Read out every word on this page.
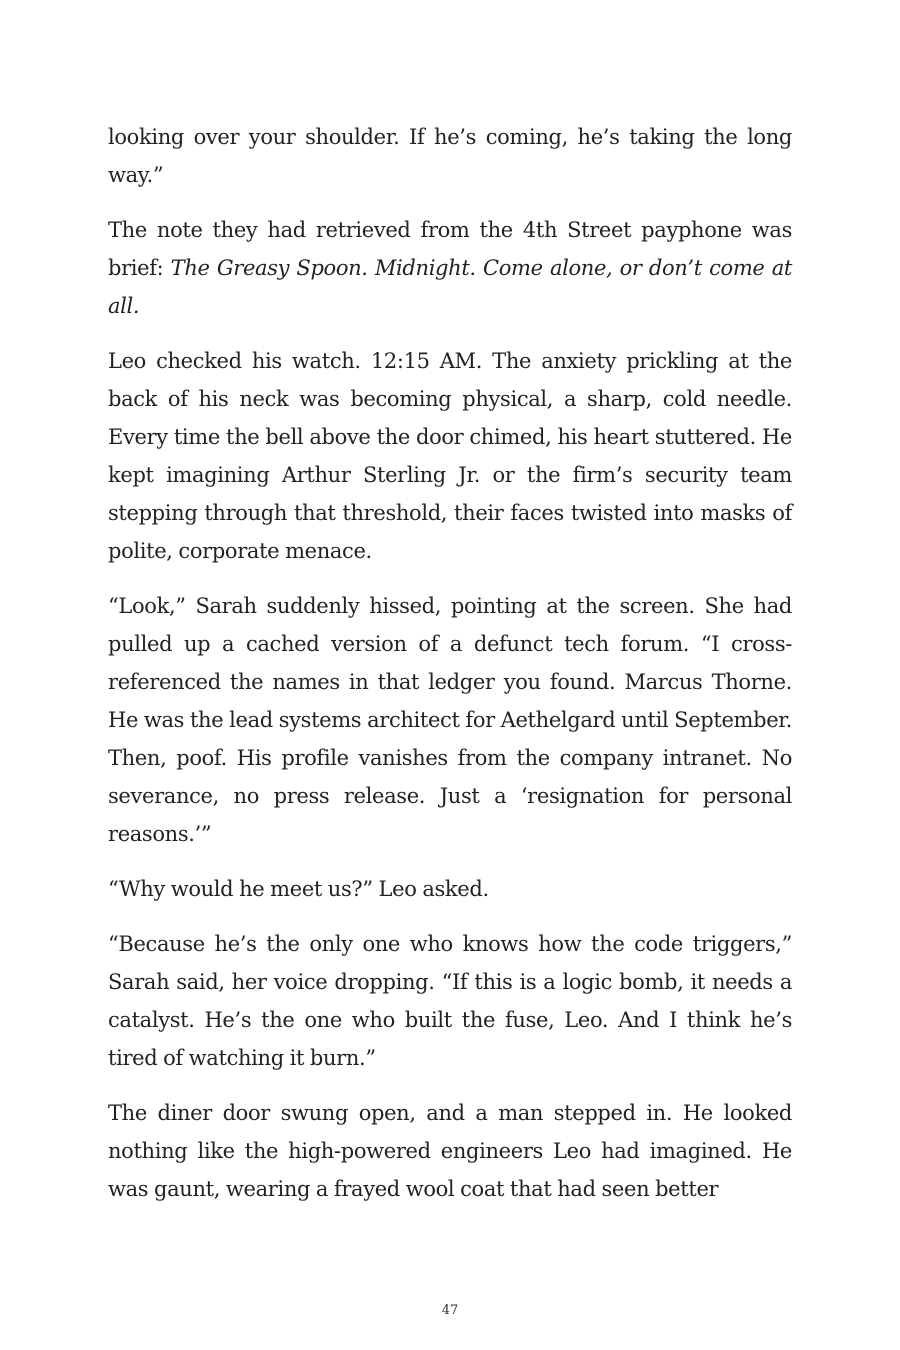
looking over your shoulder. If he’s coming, he’s taking the long way.”

The note they had retrieved from the 4th Street payphone was brief: The Greasy Spoon. Midnight. Come alone, or don’t come at all.

Leo checked his watch. 12:15 AM. The anxiety prickling at the back of his neck was becoming physical, a sharp, cold needle. Every time the bell above the door chimed, his heart stuttered. He kept imagining Arthur Sterling Jr. or the firm’s security team stepping through that threshold, their faces twisted into masks of polite, corporate menace.

“Look,” Sarah suddenly hissed, pointing at the screen. She had pulled up a cached version of a defunct tech forum. “I cross-referenced the names in that ledger you found. Marcus Thorne. He was the lead systems architect for Aethelgard until September. Then, poof. His profile vanishes from the company intranet. No severance, no press release. Just a ‘resignation for personal reasons.’”

“Why would he meet us?” Leo asked.

“Because he’s the only one who knows how the code triggers,” Sarah said, her voice dropping. “If this is a logic bomb, it needs a catalyst. He’s the one who built the fuse, Leo. And I think he’s tired of watching it burn.”

The diner door swung open, and a man stepped in. He looked nothing like the high-powered engineers Leo had imagined. He was gaunt, wearing a frayed wool coat that had seen better

47
